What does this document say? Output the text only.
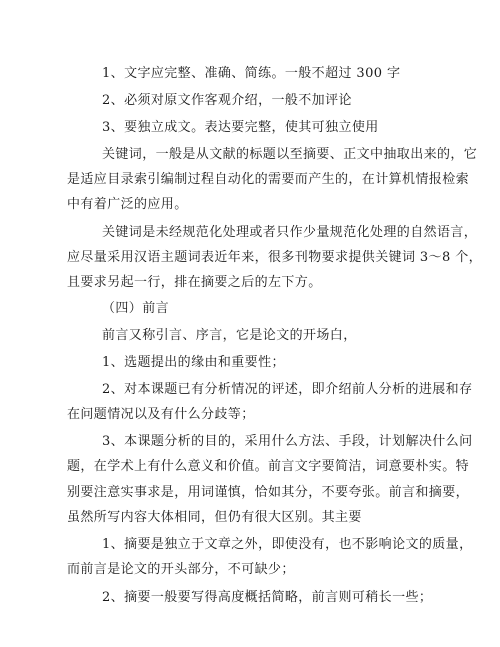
1、文字应完整、准确、简练。一般不超过 300 字
2、必须对原文作客观介绍，一般不加评论
3、要独立成文。表达要完整，使其可独立使用
关键词，一般是从文献的标题以至摘要、正文中抽取出来的，它
是适应目录索引编制过程自动化的需要而产生的，在计算机情报检索
中有着广泛的应用。
关键词是未经规范化处理或者只作少量规范化处理的自然语言，
应尽量采用汉语主题词表近年来，很多刊物要求提供关键词 3～8 个，
且要求另起一行，排在摘要之后的左下方。
（四）前言
前言又称引言、序言，它是论文的开场白，
1、选题提出的缘由和重要性；
2、对本课题已有分析情况的评述，即介绍前人分析的进展和存
在问题情况以及有什么分歧等；
3、本课题分析的目的，采用什么方法、手段，计划解决什么问
题，在学术上有什么意义和价值。前言文字要简洁，词意要朴实。特
别要注意实事求是，用词谨慎，恰如其分，不要夸张。前言和摘要，
虽然所写内容大体相同，但仍有很大区别。其主要
1、摘要是独立于文章之外，即使没有，也不影响论文的质量，
而前言是论文的开头部分，不可缺少；
2、摘要一般要写得高度概括简略，前言则可稍长一些；
